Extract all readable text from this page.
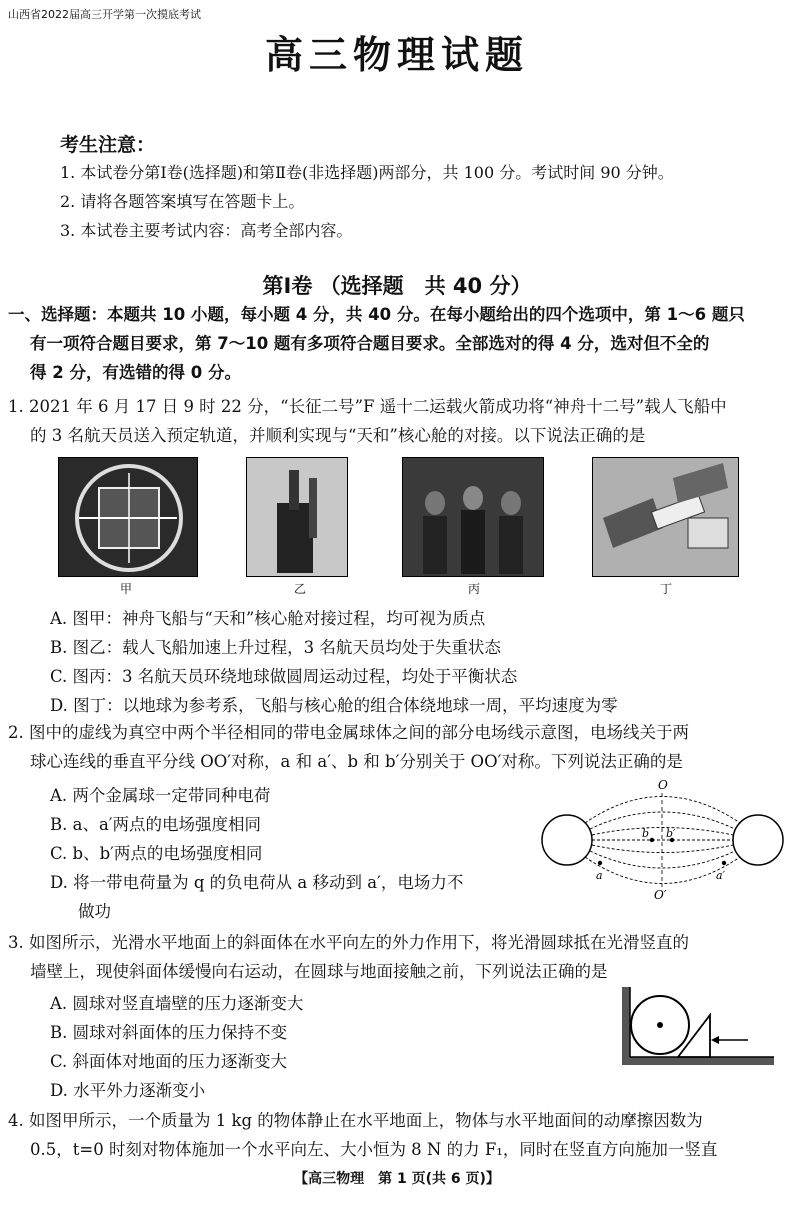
山西省2022届高三开学第一次摸底考试
高三物理试题
考生注意：
1. 本试卷分第Ⅰ卷(选择题)和第Ⅱ卷(非选择题)两部分，共 100 分。考试时间 90 分钟。
2. 请将各题答案填写在答题卡上。
3. 本试卷主要考试内容：高考全部内容。
第Ⅰ卷 （选择题　共 40 分）
一、选择题：本题共 10 小题，每小题 4 分，共 40 分。在每小题给出的四个选项中，第 1～6 题只
有一项符合题目要求，第 7～10 题有多项符合题目要求。全部选对的得 4 分，选对但不全的
得 2 分，有选错的得 0 分。
1. 2021 年 6 月 17 日 9 时 22 分，“长征二号”F 遥十二运载火箭成功将“神舟十二号”载人飞船中
的 3 名航天员送入预定轨道，并顺利实现与“天和”核心舱的对接。以下说法正确的是
甲	乙	丙	丁
A. 图甲：神舟飞船与“天和”核心舱对接过程，均可视为质点
B. 图乙：载人飞船加速上升过程，3 名航天员均处于失重状态
C. 图丙：3 名航天员环绕地球做圆周运动过程，均处于平衡状态
D. 图丁：以地球为参考系，飞船与核心舱的组合体绕地球一周，平均速度为零
2. 图中的虚线为真空中两个半径相同的带电金属球体之间的部分电场线示意图，电场线关于两
球心连线的垂直平分线 OO′对称，a 和 a′、b 和 b′分别关于 OO′对称。下列说法正确的是
A. 两个金属球一定带同种电荷
B. a、a′两点的电场强度相同
C. b、b′两点的电场强度相同
D. 将一带电荷量为 q 的负电荷从 a 移动到 a′，电场力不
做功
O
O′
b b′
a	a′
3. 如图所示，光滑水平地面上的斜面体在水平向左的外力作用下，将光滑圆球抵在光滑竖直的
墙壁上，现使斜面体缓慢向右运动，在圆球与地面接触之前，下列说法正确的是
A. 圆球对竖直墙壁的压力逐渐变大
B. 圆球对斜面体的压力保持不变
C. 斜面体对地面的压力逐渐变大
D. 水平外力逐渐变小
4. 如图甲所示，一个质量为 1 kg 的物体静止在水平地面上，物体与水平地面间的动摩擦因数为
0.5，t=0 时刻对物体施加一个水平向左、大小恒为 8 N 的力 F₁，同时在竖直方向施加一竖直
【高三物理　第 1 页(共 6 页)】
